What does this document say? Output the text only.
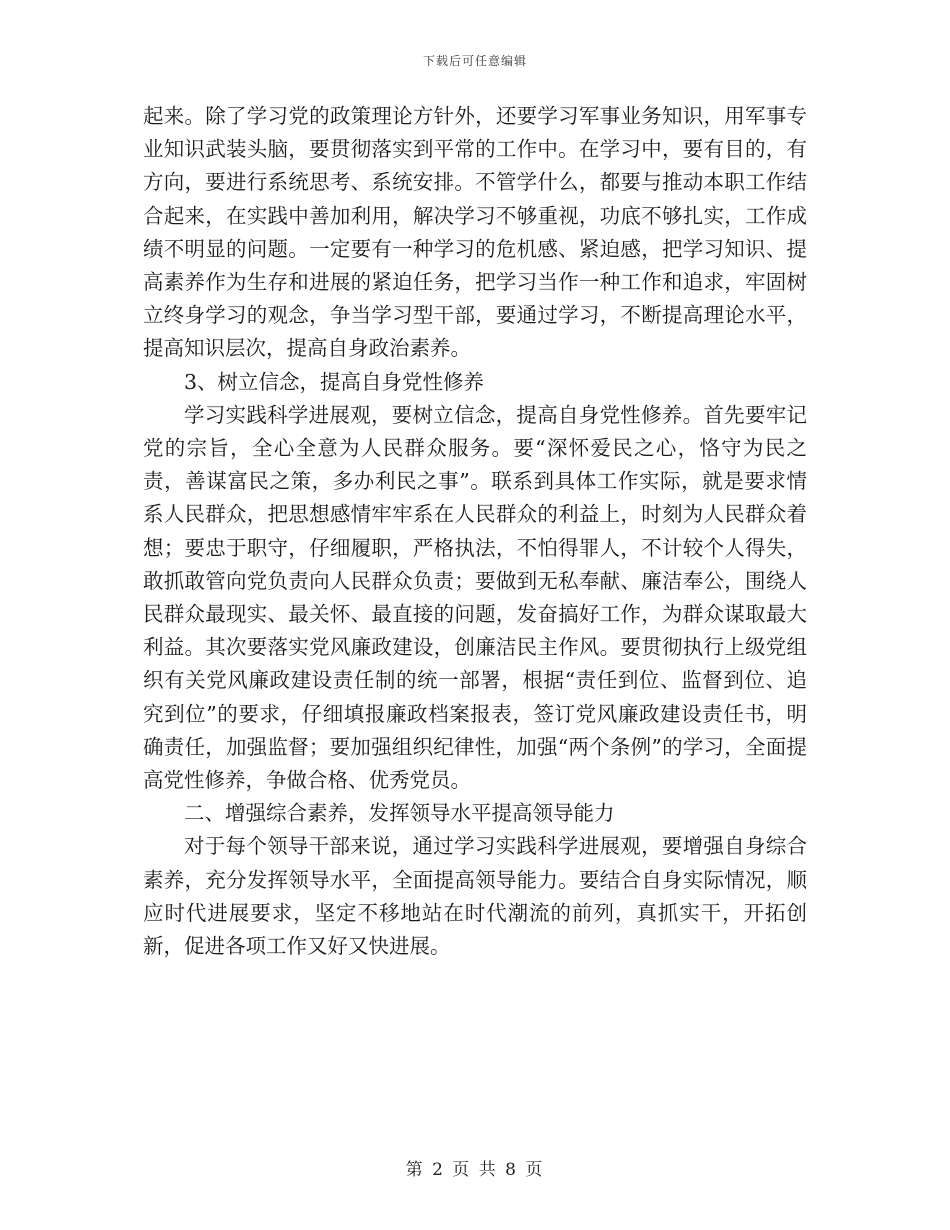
下载后可任意编辑

起来。除了学习党的政策理论方针外，还要学习军事业务知识，用军事专业知识武装头脑，要贯彻落实到平常的工作中。在学习中，要有目的，有方向，要进行系统思考、系统安排。不管学什么，都要与推动本职工作结合起来，在实践中善加利用，解决学习不够重视，功底不够扎实，工作成绩不明显的问题。一定要有一种学习的危机感、紧迫感，把学习知识、提高素养作为生存和进展的紧迫任务，把学习当作一种工作和追求，牢固树立终身学习的观念，争当学习型干部，要通过学习，不断提高理论水平，提高知识层次，提高自身政治素养。

3、树立信念，提高自身党性修养

学习实践科学进展观，要树立信念，提高自身党性修养。首先要牢记党的宗旨，全心全意为人民群众服务。要“深怀爱民之心，恪守为民之责，善谋富民之策，多办利民之事”。联系到具体工作实际，就是要求情系人民群众，把思想感情牢牢系在人民群众的利益上，时刻为人民群众着想；要忠于职守，仔细履职，严格执法，不怕得罪人，不计较个人得失，敢抓敢管向党负责向人民群众负责；要做到无私奉献、廉洁奉公，围绕人民群众最现实、最关怀、最直接的问题，发奋搞好工作，为群众谋取最大利益。其次要落实党风廉政建设，创廉洁民主作风。要贯彻执行上级党组织有关党风廉政建设责任制的统一部署，根据“责任到位、监督到位、追究到位”的要求，仔细填报廉政档案报表，签订党风廉政建设责任书，明确责任，加强监督；要加强组织纪律性，加强“两个条例”的学习，全面提高党性修养，争做合格、优秀党员。

二、增强综合素养，发挥领导水平提高领导能力

对于每个领导干部来说，通过学习实践科学进展观，要增强自身综合素养，充分发挥领导水平，全面提高领导能力。要结合自身实际情况，顺应时代进展要求，坚定不移地站在时代潮流的前列，真抓实干，开拓创新，促进各项工作又好又快进展。

第 2 页 共 8 页
